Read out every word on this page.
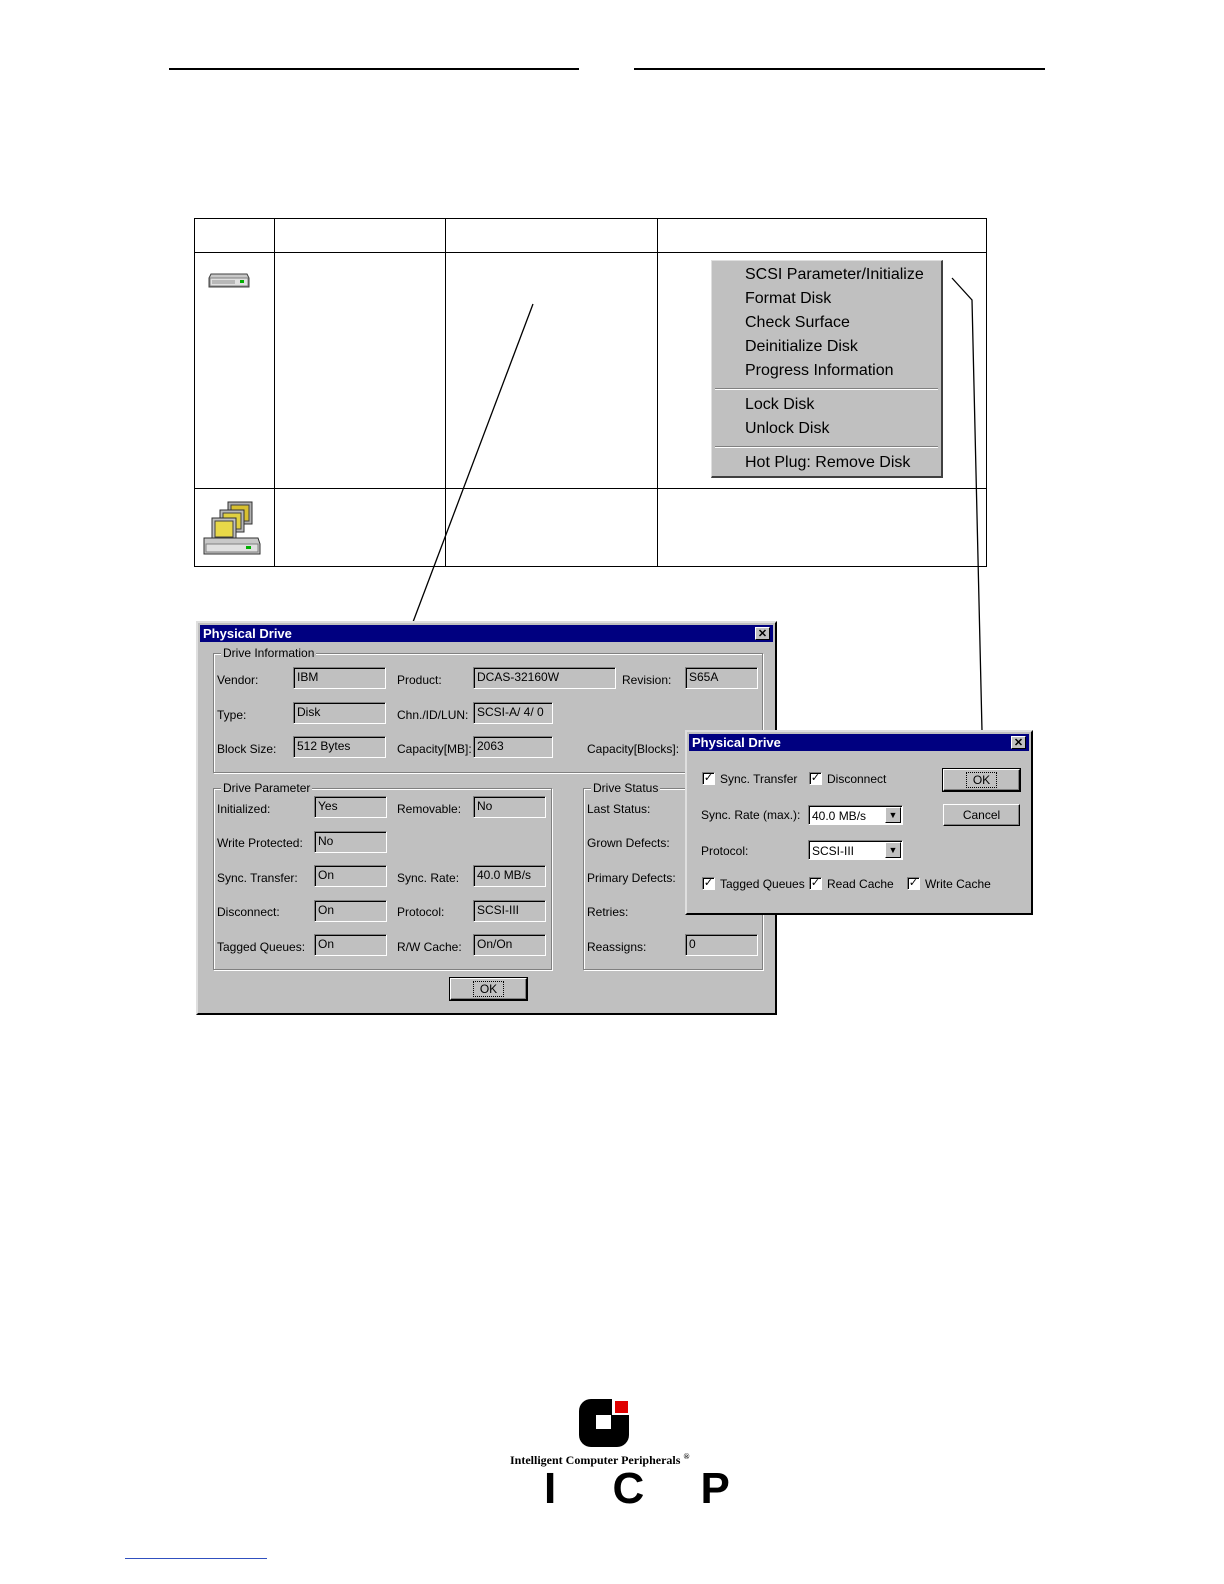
SCSI Parameter/Initialize
Format Disk
Check Surface
Deinitialize Disk
Progress Information
Lock Disk
Unlock Disk
Hot Plug: Remove Disk
Physical Drive	✕
Drive Information
Vendor:	IBM	Product:	DCAS-32160W	Revision:	S65A
Type:	Disk	Chn./ID/LUN: SCSI-A/ 4/ 0
Block Size:	512 Bytes	Capacity[MB]: 2063	Capacity[Blocks]:
Drive Parameter
Initialized:	Yes	Removable:	No
Write Protected:	No
Sync. Transfer:	On	Sync. Rate:	40.0 MB/s
Disconnect:	On	Protocol:	SCSI-III
Tagged Queues:	On	R/W Cache:	On/On
Drive Status
Last Status:
Grown Defects:
Primary Defects:
Retries:
Reassigns:	0
OK
Physical Drive	✕
✓ Sync. Transfer ✓ Disconnect	OK
Cancel
Sync. Rate (max.): 40.0 MB/s	▼
Protocol:	SCSI-III	▼
✓ Tagged Queues ✓ Read Cache ✓ Write Cache
Intelligent Computer Peripherals ®
I C P
